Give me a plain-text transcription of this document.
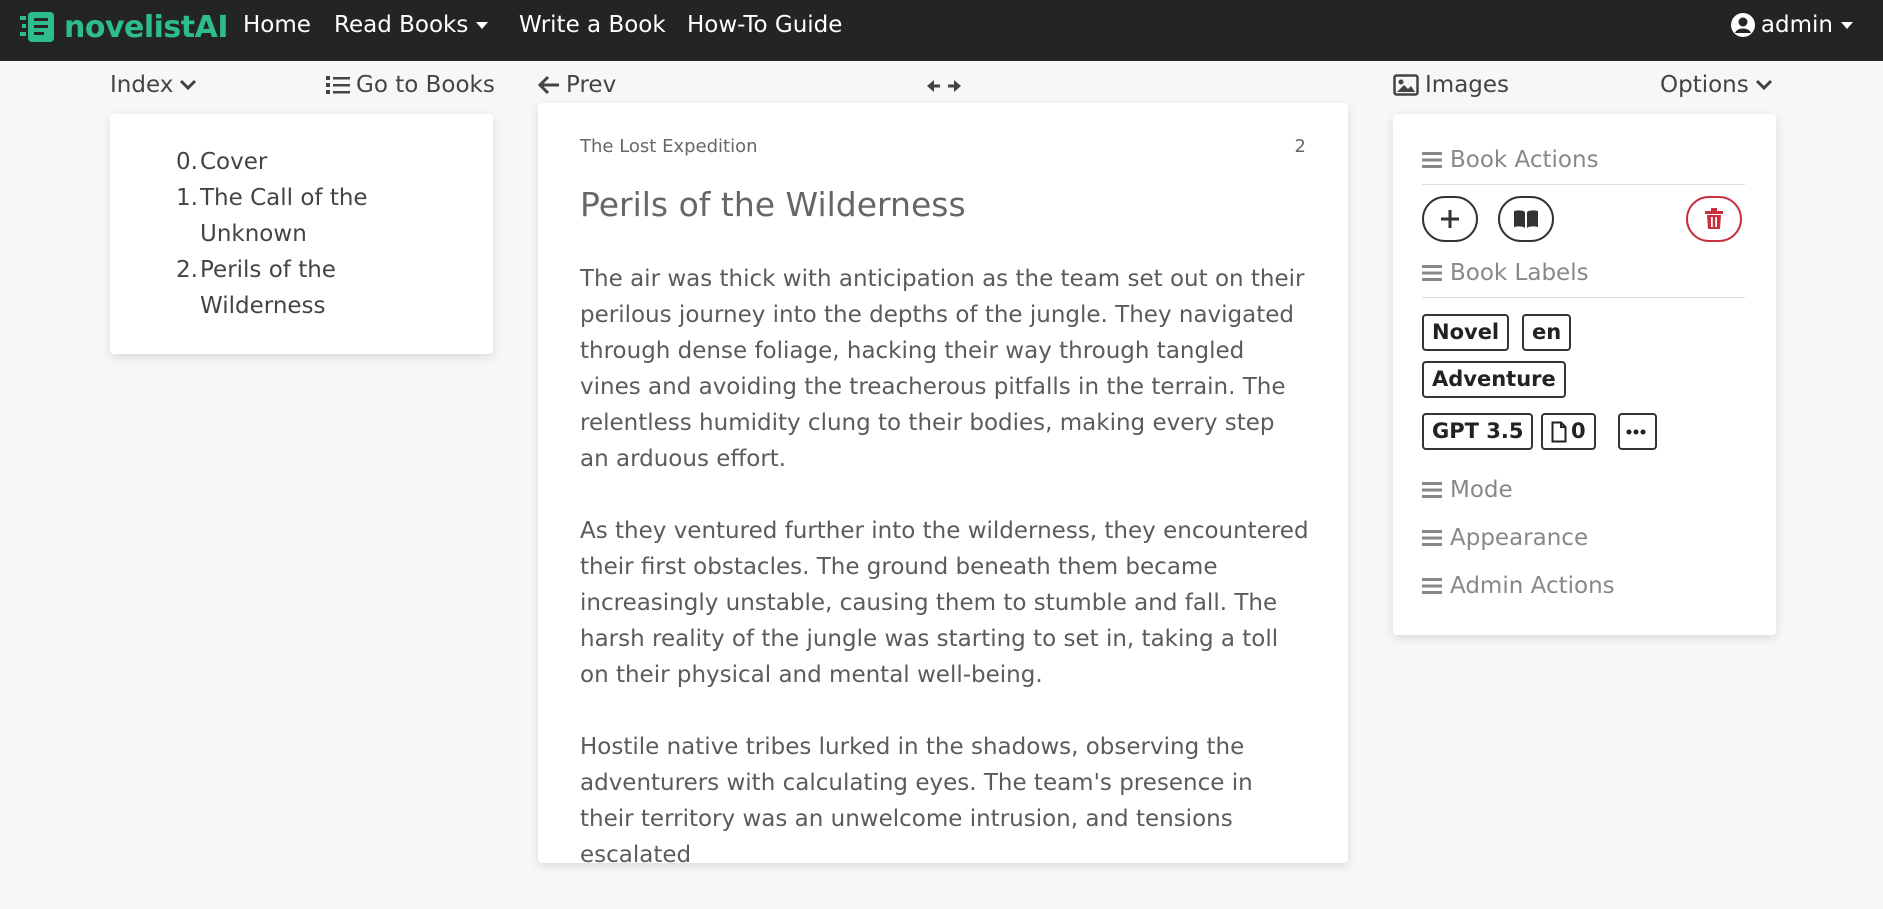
novelistAI Home Read Books	Write a Book How-To Guide	admin
Index	Go to Books	Prev	Images	Options
0. Cover
1. The Call of the Unknown
2. Perils of the Wilderness
The Lost Expedition	2
Perils of the Wilderness

The air was thick with anticipation as the team set out on their perilous journey into the depths of the jungle. They navigated through dense foliage, hacking their way through tangled vines and avoiding the treacherous pitfalls in the terrain. The relentless humidity clung to their bodies, making every step an arduous effort.

As they ventured further into the wilderness, they encountered their first obstacles. The ground beneath them became increasingly unstable, causing them to stumble and fall. The harsh reality of the jungle was starting to set in, taking a toll on their physical and mental well-being.

Hostile native tribes lurked in the shadows, observing the adventurers with calculating eyes. The team's presence in their territory was an unwelcome intrusion, and tensions escalated

Book Actions
Book Labels
Novel	en
Adventure
GPT 3.5	0
Mode
Appearance
Admin Actions
